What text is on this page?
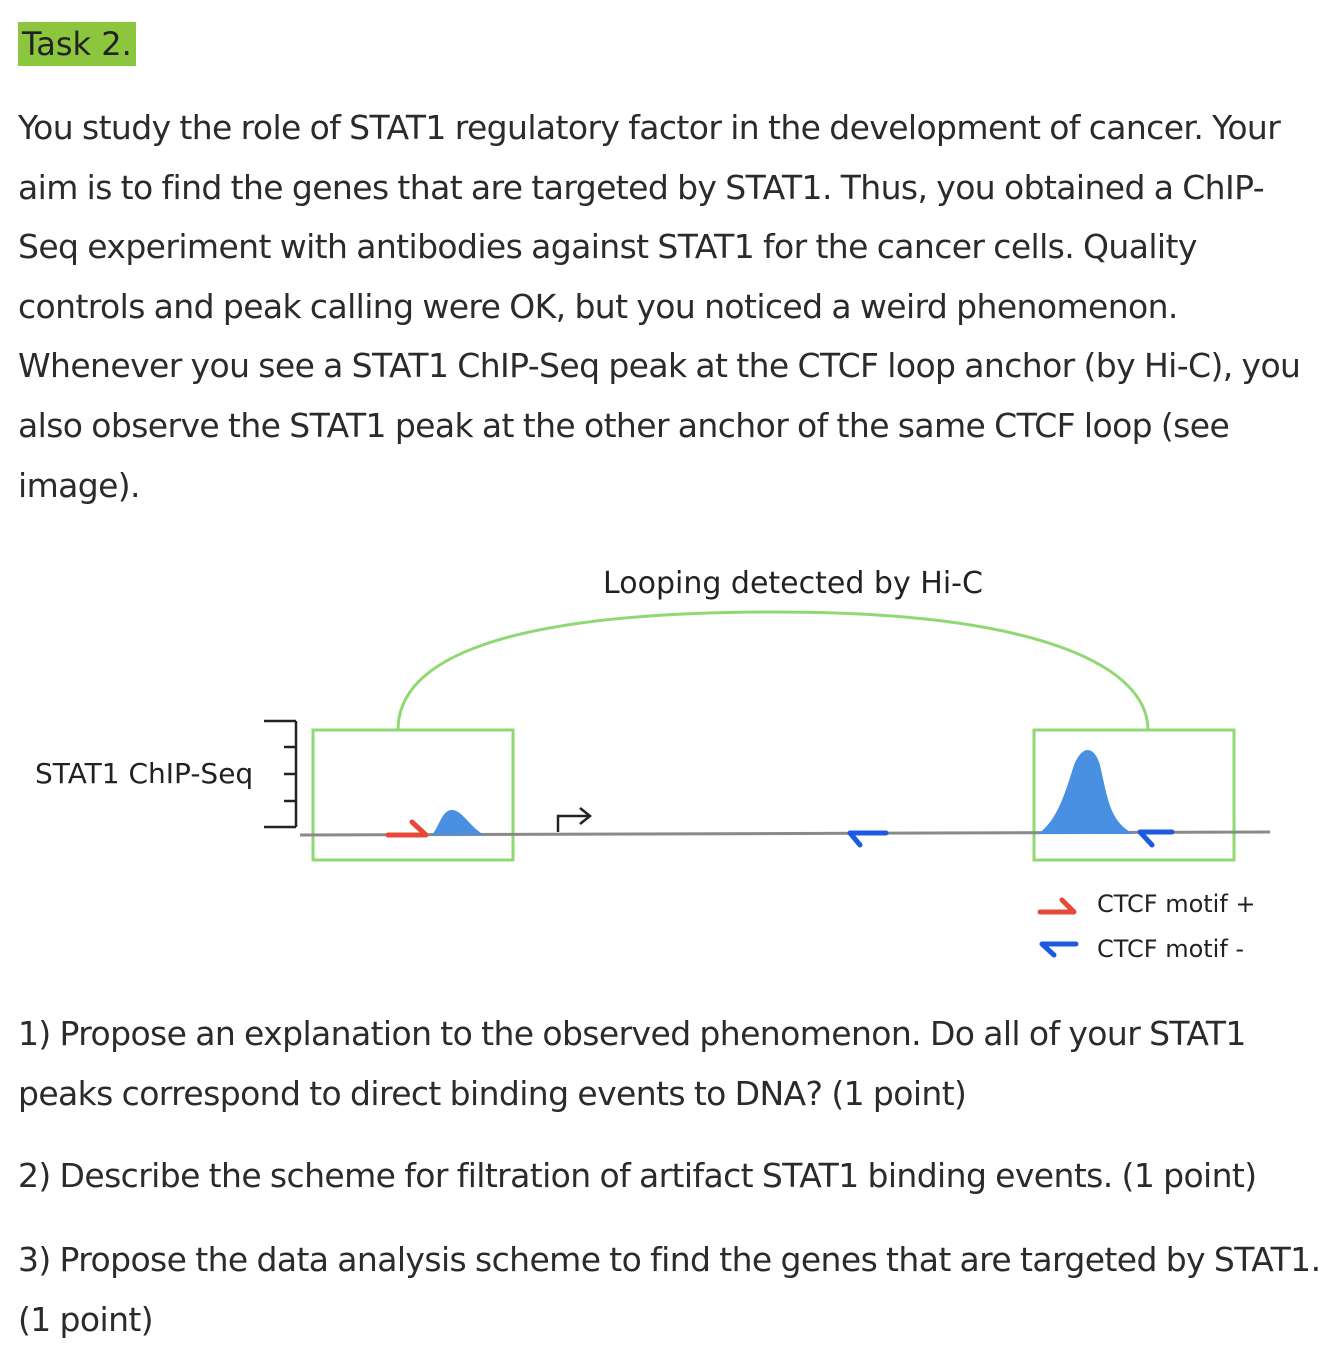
Task 2.

You study the role of STAT1 regulatory factor in the development of cancer. Your aim is to find the genes that are targeted by STAT1. Thus, you obtained a ChIP-Seq experiment with antibodies against STAT1 for the cancer cells. Quality controls and peak calling were OK, but you noticed a weird phenomenon. Whenever you see a STAT1 ChIP-Seq peak at the CTCF loop anchor (by Hi-C), you also observe the STAT1 peak at the other anchor of the same CTCF loop (see image).

Looping detected by Hi-C
STAT1 ChIP-Seq
CTCF motif +
CTCF motif -

1) Propose an explanation to the observed phenomenon. Do all of your STAT1 peaks correspond to direct binding events to DNA? (1 point)

2) Describe the scheme for filtration of artifact STAT1 binding events. (1 point)

3) Propose the data analysis scheme to find the genes that are targeted by STAT1. (1 point)
